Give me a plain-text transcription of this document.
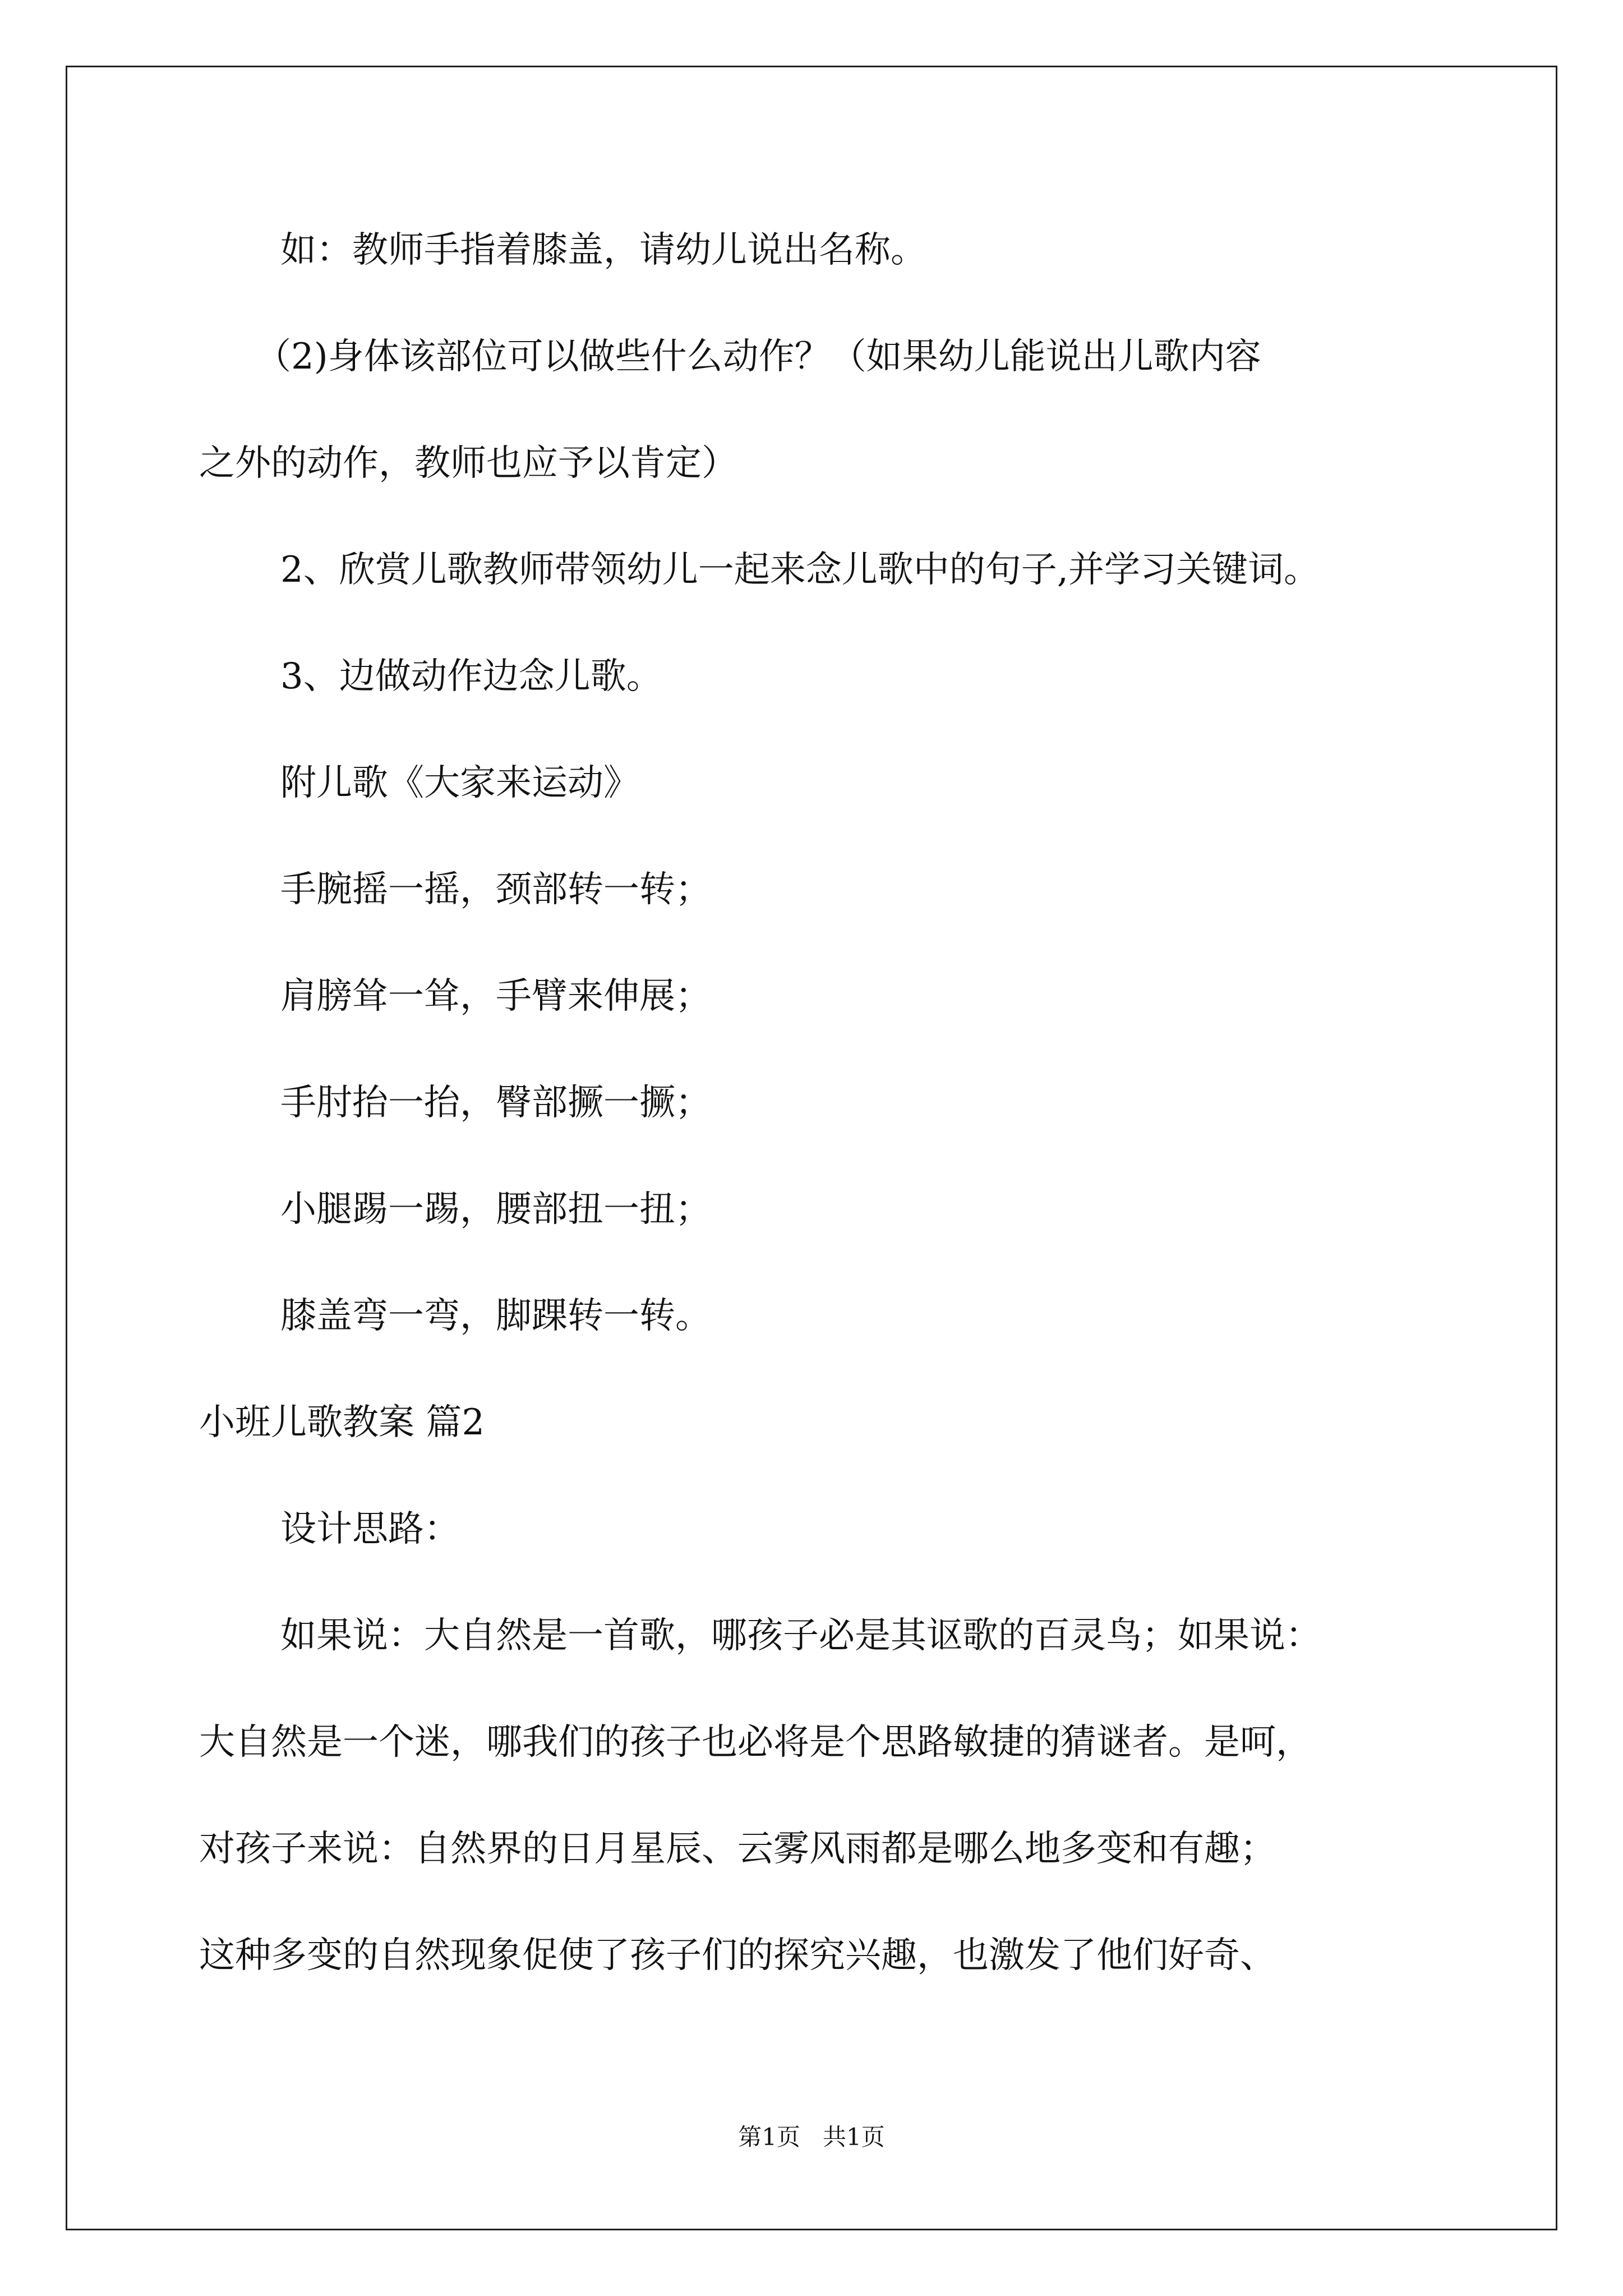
如：教师手指着膝盖，请幼儿说出名称。
（2)身体该部位可以做些什么动作？（如果幼儿能说出儿歌内容
之外的动作，教师也应予以肯定）
2、欣赏儿歌教师带领幼儿一起来念儿歌中的句子,并学习关键词。
3、边做动作边念儿歌。
附儿歌《大家来运动》
手腕摇一摇，颈部转一转；
肩膀耸一耸，手臂来伸展；
手肘抬一抬，臀部撅一撅；
小腿踢一踢，腰部扭一扭；
膝盖弯一弯，脚踝转一转。
小班儿歌教案 篇2
设计思路：
如果说：大自然是一首歌，哪孩子必是其讴歌的百灵鸟；如果说：
大自然是一个迷，哪我们的孩子也必将是个思路敏捷的猜谜者。是呵，
对孩子来说：自然界的日月星辰、云雾风雨都是哪么地多变和有趣；
这种多变的自然现象促使了孩子们的探究兴趣，也激发了他们好奇、
第1页   共1页
